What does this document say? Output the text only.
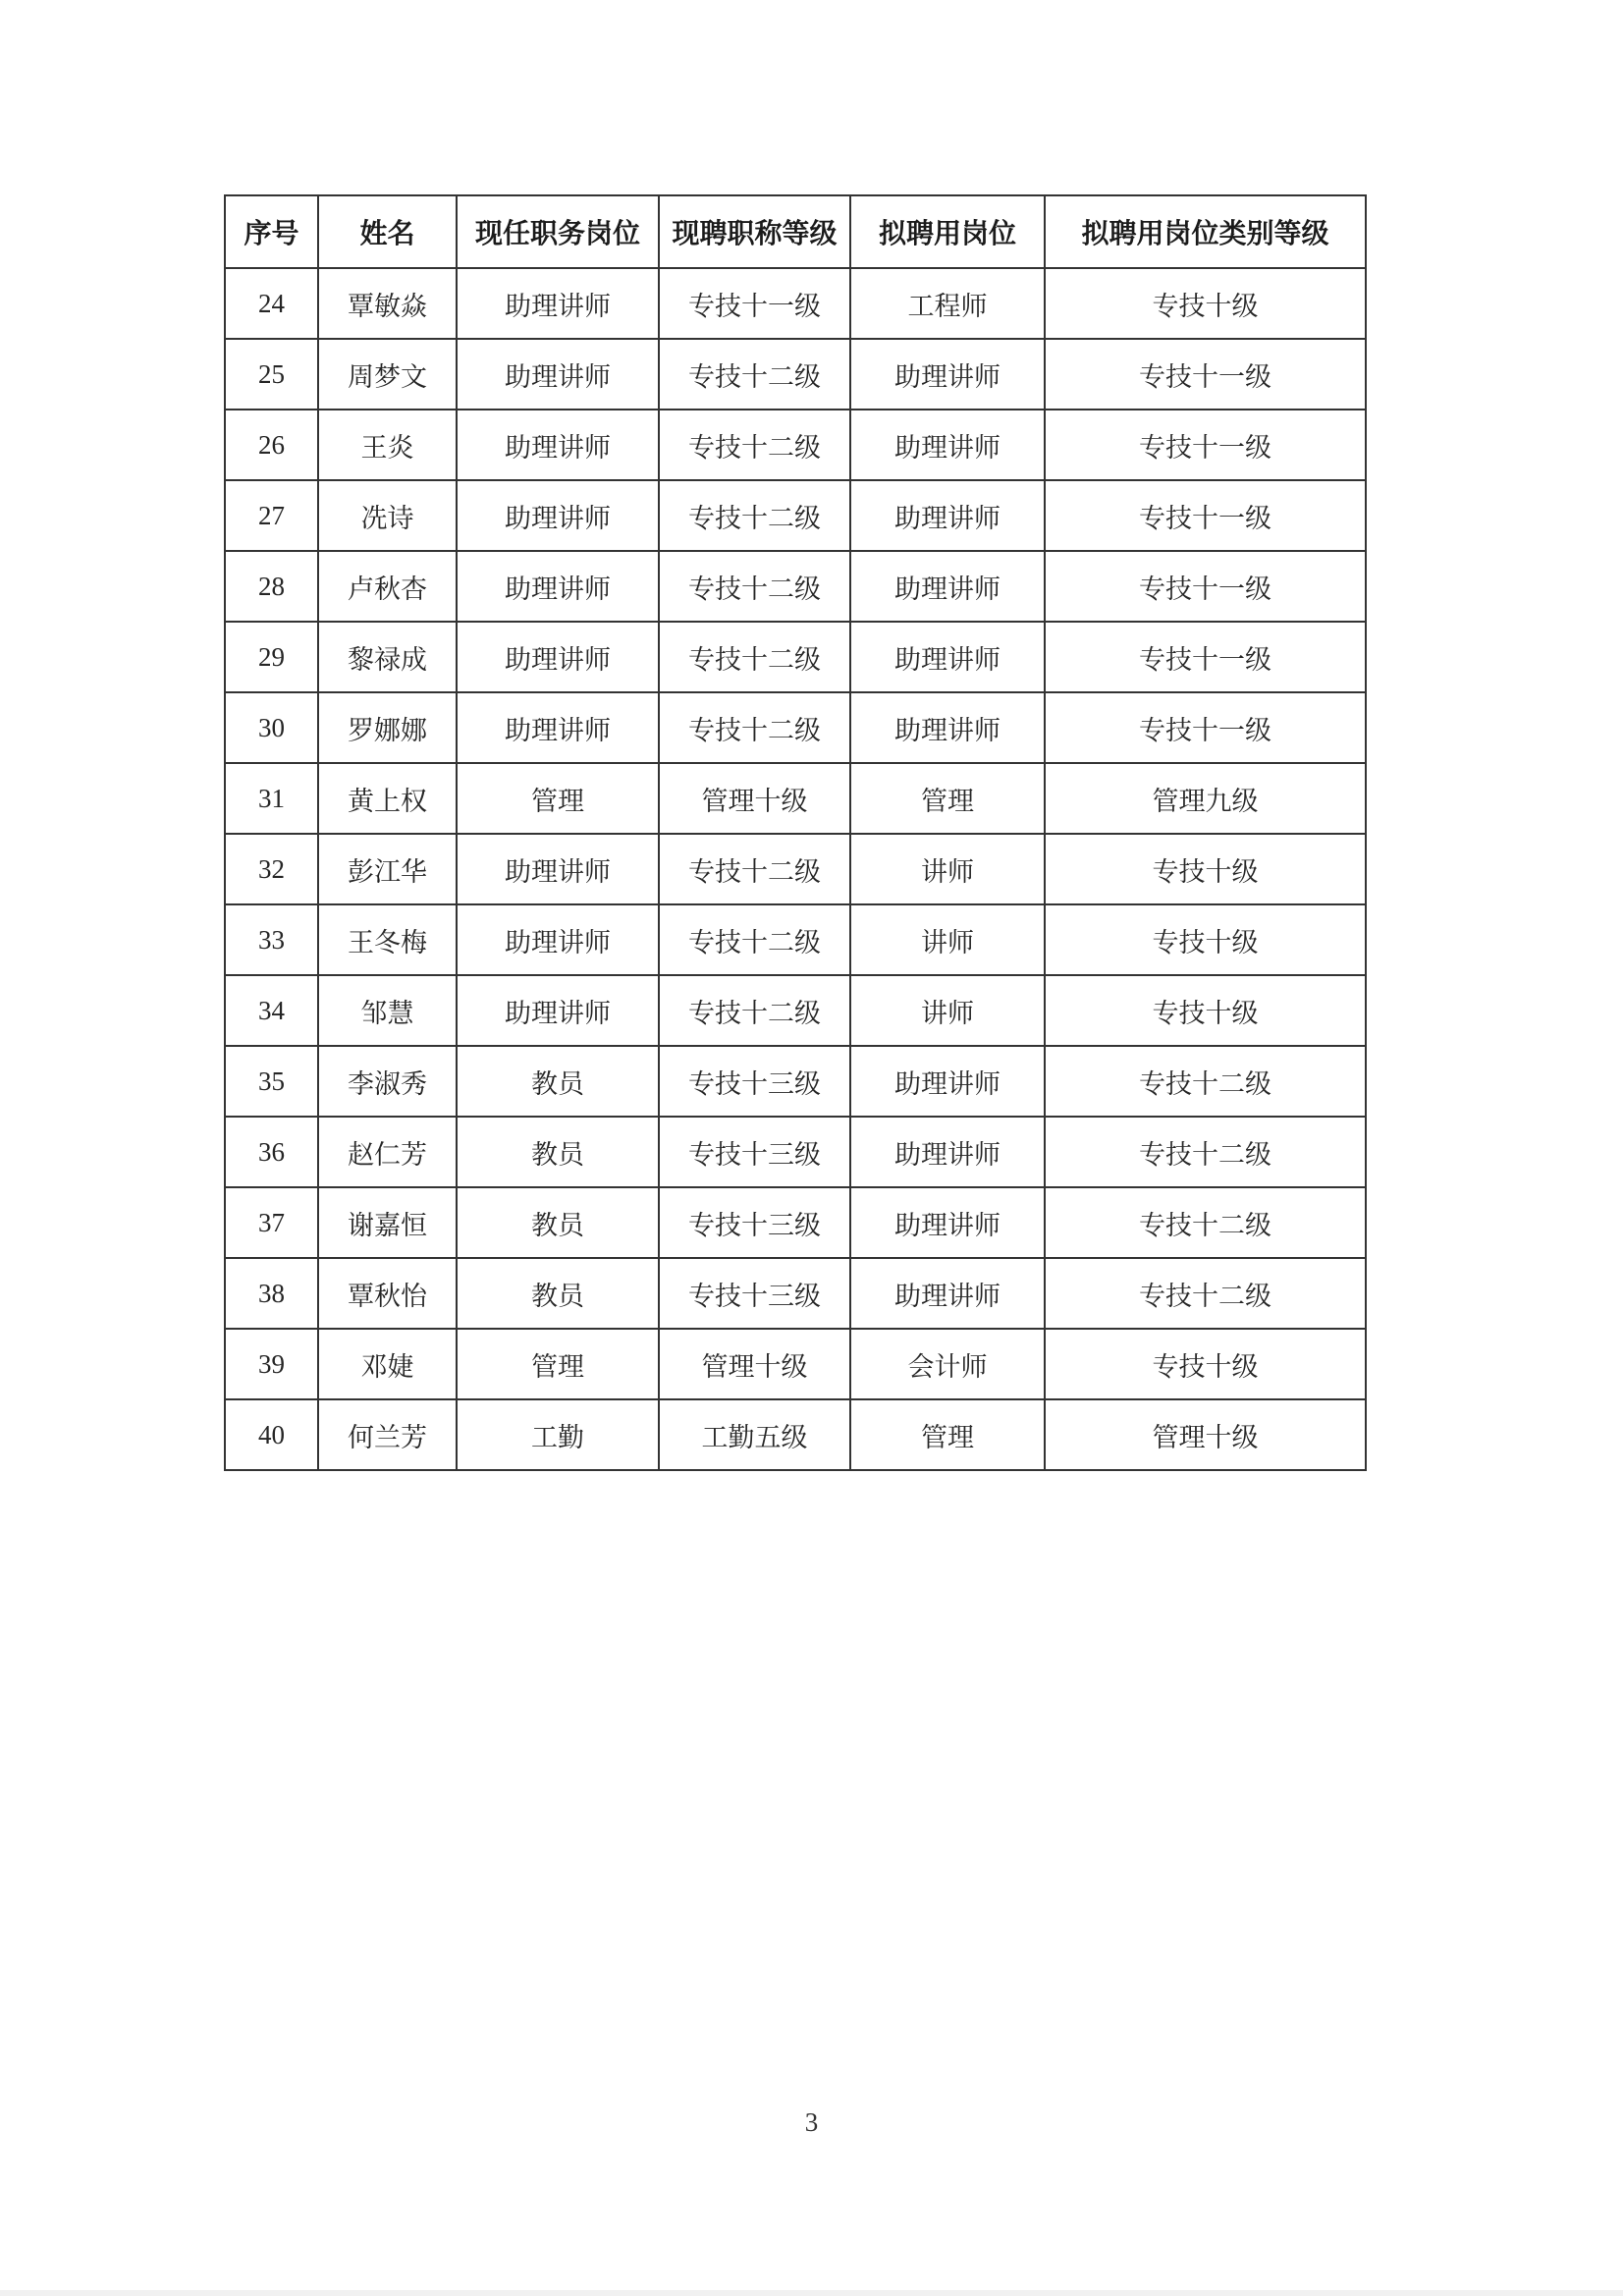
序号	姓名	现任职务岗位	现聘职称等级	拟聘用岗位	拟聘用岗位类别等级
24	覃敏焱	助理讲师	专技十一级	工程师	专技十级
25	周梦文	助理讲师	专技十二级	助理讲师	专技十一级
26	王炎	助理讲师	专技十二级	助理讲师	专技十一级
27	冼诗	助理讲师	专技十二级	助理讲师	专技十一级
28	卢秋杏	助理讲师	专技十二级	助理讲师	专技十一级
29	黎禄成	助理讲师	专技十二级	助理讲师	专技十一级
30	罗娜娜	助理讲师	专技十二级	助理讲师	专技十一级
31	黄上权	管理	管理十级	管理	管理九级
32	彭江华	助理讲师	专技十二级	讲师	专技十级
33	王冬梅	助理讲师	专技十二级	讲师	专技十级
34	邹慧	助理讲师	专技十二级	讲师	专技十级
35	李淑秀	教员	专技十三级	助理讲师	专技十二级
36	赵仁芳	教员	专技十三级	助理讲师	专技十二级
37	谢嘉恒	教员	专技十三级	助理讲师	专技十二级
38	覃秋怡	教员	专技十三级	助理讲师	专技十二级
39	邓婕	管理	管理十级	会计师	专技十级
40	何兰芳	工勤	工勤五级	管理	管理十级
3
